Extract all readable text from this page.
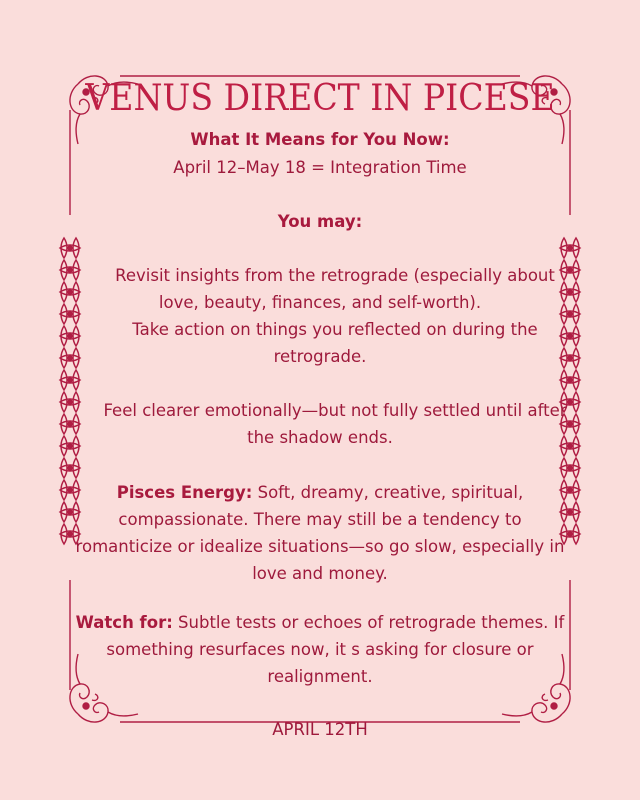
VENUS DIRECT IN PICESE

What It Means for You Now:

April 12–May 18 = Integration Time

You may:

Revisit insights from the retrograde (especially about

love, beauty, finances, and self-worth).

Take action on things you reflected on during the

retrograde.

Feel clearer emotionally—but not fully settled until after

the shadow ends.

Pisces Energy: Soft, dreamy, creative, spiritual,

compassionate. There may still be a tendency to

romanticize or idealize situations—so go slow, especially in

love and money.

Watch for: Subtle tests or echoes of retrograde themes. If

something resurfaces now, it s asking for closure or

realignment.

APRIL 12TH
